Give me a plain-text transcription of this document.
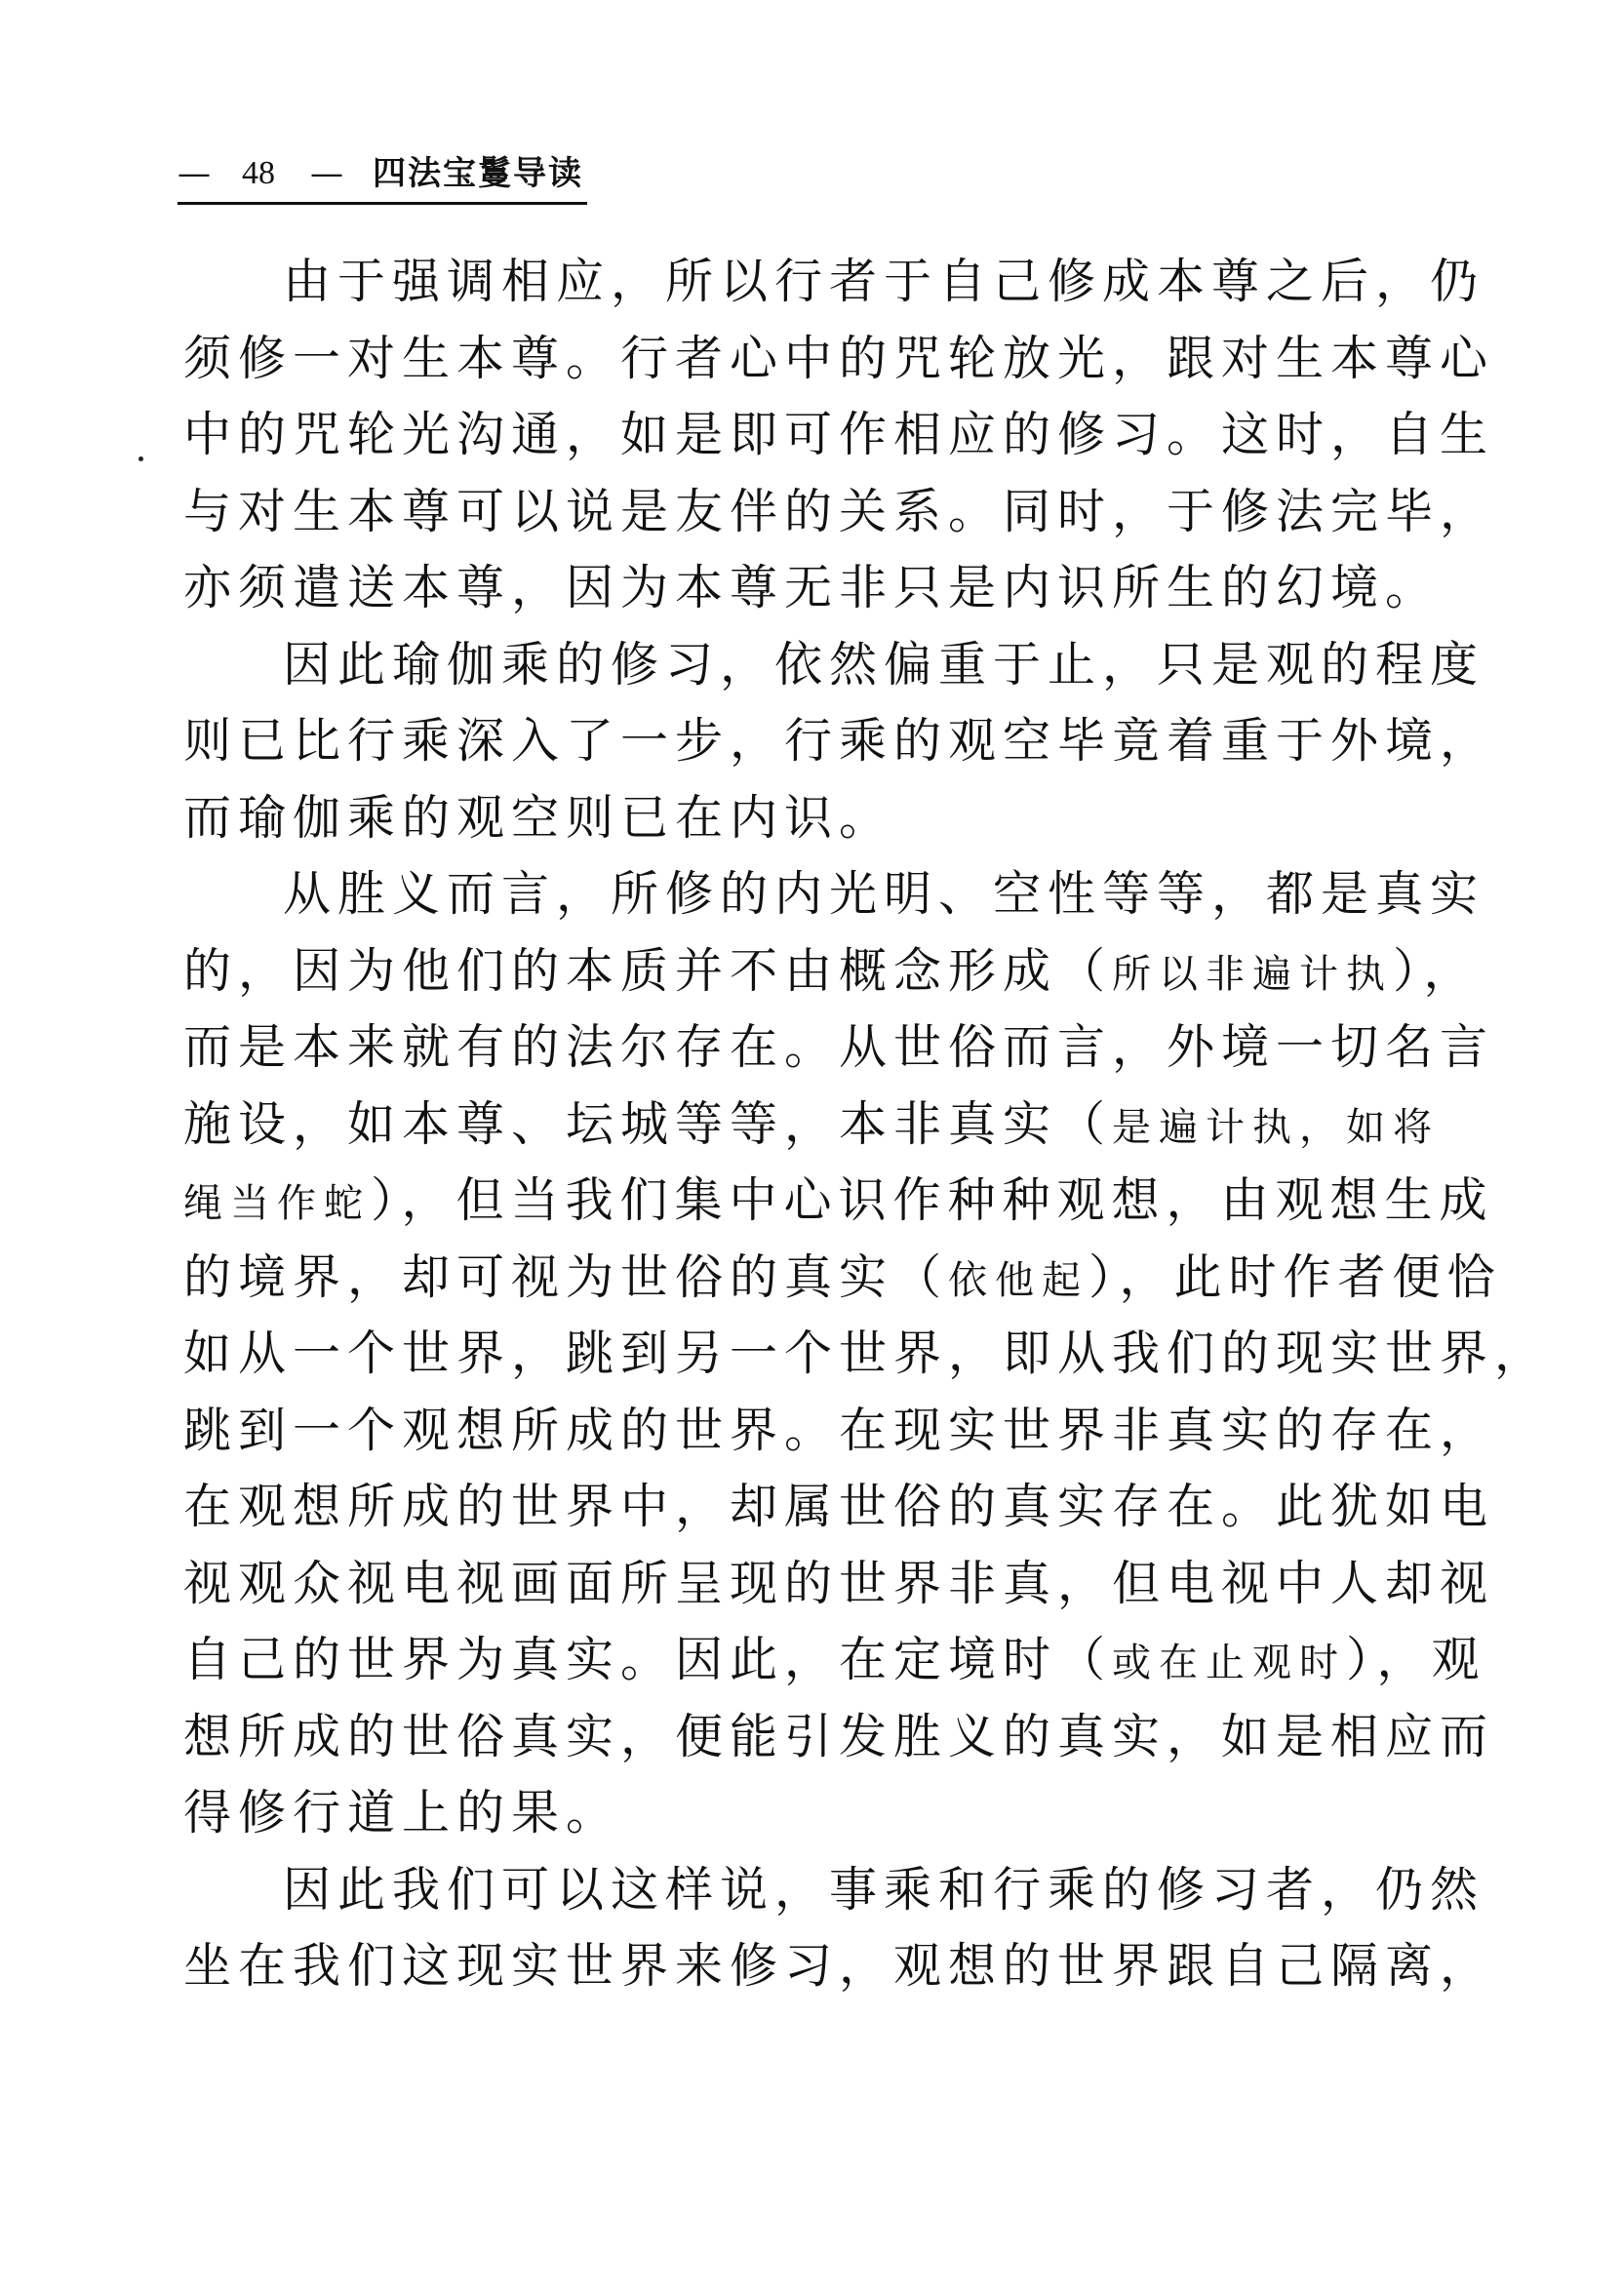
— 48 — 四法宝鬘导读
由于强调相应，所以行者于自己修成本尊之后，仍
须修一对生本尊。行者心中的咒轮放光，跟对生本尊心
中的咒轮光沟通，如是即可作相应的修习。这时，自生
与对生本尊可以说是友伴的关系。同时，于修法完毕，
亦须遣送本尊，因为本尊无非只是内识所生的幻境。
因此瑜伽乘的修习，依然偏重于止，只是观的程度
则已比行乘深入了一步，行乘的观空毕竟着重于外境，
而瑜伽乘的观空则已在内识。
从胜义而言，所修的内光明、空性等等，都是真实
的，因为他们的本质并不由概念形成（所以非遍计执），
而是本来就有的法尔存在。从世俗而言，外境一切名言
施设，如本尊、坛城等等，本非真实（是遍计执，如将
绳当作蛇），但当我们集中心识作种种观想，由观想生成
的境界，却可视为世俗的真实（依他起），此时作者便恰
如从一个世界，跳到另一个世界，即从我们的现实世界，
跳到一个观想所成的世界。在现实世界非真实的存在，
在观想所成的世界中，却属世俗的真实存在。此犹如电
视观众视电视画面所呈现的世界非真，但电视中人却视
自己的世界为真实。因此，在定境时（或在止观时），观
想所成的世俗真实，便能引发胜义的真实，如是相应而
得修行道上的果。
因此我们可以这样说，事乘和行乘的修习者，仍然
坐在我们这现实世界来修习，观想的世界跟自己隔离，
